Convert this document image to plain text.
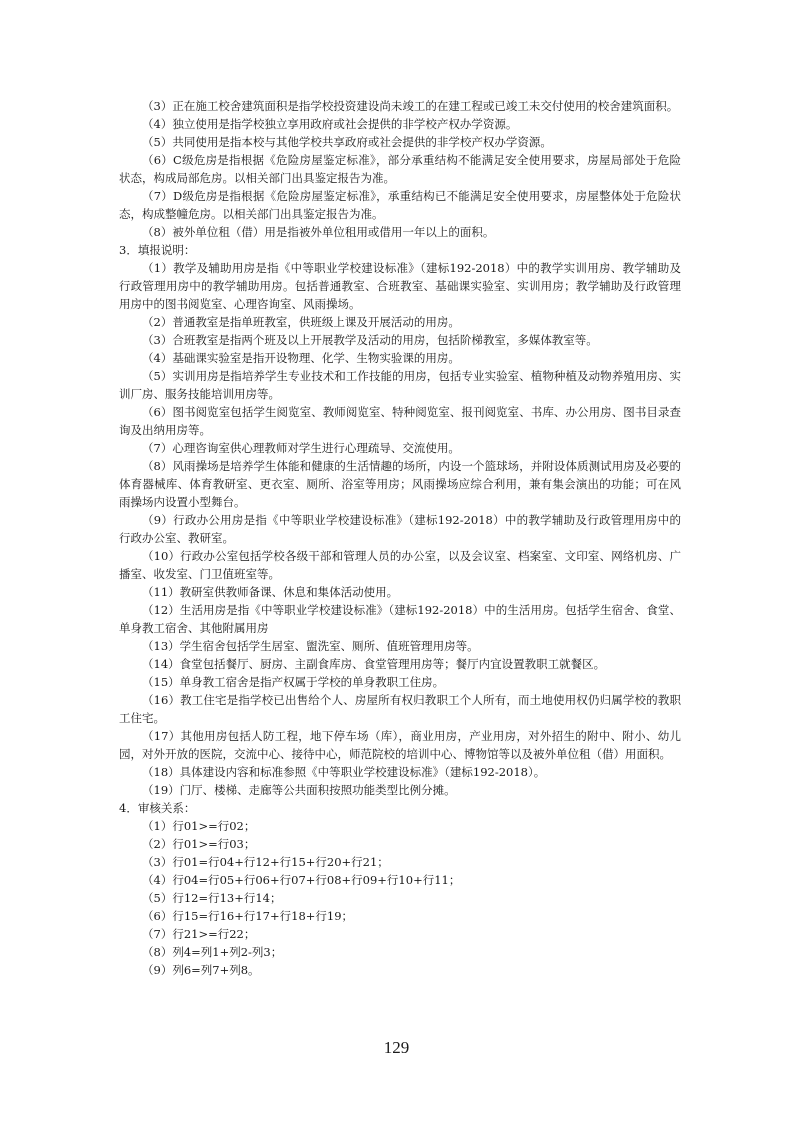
（3）正在施工校舍建筑面积是指学校投资建设尚未竣工的在建工程或已竣工未交付使用的校舍建筑面积。

（4）独立使用是指学校独立享用政府或社会提供的非学校产权办学资源。

（5）共同使用是指本校与其他学校共享政府或社会提供的非学校产权办学资源。

（6）C级危房是指根据《危险房屋鉴定标准》，部分承重结构不能满足安全使用要求，房屋局部处于危险状态，构成局部危房。以相关部门出具鉴定报告为准。

（7）D级危房是指根据《危险房屋鉴定标准》，承重结构已不能满足安全使用要求，房屋整体处于危险状态，构成整幢危房。以相关部门出具鉴定报告为准。

（8）被外单位租（借）用是指被外单位租用或借用一年以上的面积。

3．填报说明：

（1）教学及辅助用房是指《中等职业学校建设标准》（建标192-2018）中的教学实训用房、教学辅助及行政管理用房中的教学辅助用房。包括普通教室、合班教室、基础课实验室、实训用房；教学辅助及行政管理用房中的图书阅览室、心理咨询室、风雨操场。

（2）普通教室是指单班教室，供班级上课及开展活动的用房。

（3）合班教室是指两个班及以上开展教学及活动的用房，包括阶梯教室，多媒体教室等。

（4）基础课实验室是指开设物理、化学、生物实验课的用房。

（5）实训用房是指培养学生专业技术和工作技能的用房，包括专业实验室、植物种植及动物养殖用房、实训厂房、服务技能培训用房等。

（6）图书阅览室包括学生阅览室、教师阅览室、特种阅览室、报刊阅览室、书库、办公用房、图书目录查询及出纳用房等。

（7）心理咨询室供心理教师对学生进行心理疏导、交流使用。

（8）风雨操场是培养学生体能和健康的生活情趣的场所，内设一个篮球场，并附设体质测试用房及必要的体育器械库、体育教研室、更衣室、厕所、浴室等用房；风雨操场应综合利用，兼有集会演出的功能；可在风雨操场内设置小型舞台。

（9）行政办公用房是指《中等职业学校建设标准》（建标192-2018）中的教学辅助及行政管理用房中的行政办公室、教研室。

（10）行政办公室包括学校各级干部和管理人员的办公室，以及会议室、档案室、文印室、网络机房、广播室、收发室、门卫值班室等。

（11）教研室供教师备课、休息和集体活动使用。

（12）生活用房是指《中等职业学校建设标准》（建标192-2018）中的生活用房。包括学生宿舍、食堂、单身教工宿舍、其他附属用房

（13）学生宿舍包括学生居室、盥洗室、厕所、值班管理用房等。

（14）食堂包括餐厅、厨房、主副食库房、食堂管理用房等；餐厅内宜设置教职工就餐区。

（15）单身教工宿舍是指产权属于学校的单身教职工住房。

（16）教工住宅是指学校已出售给个人、房屋所有权归教职工个人所有，而土地使用权仍归属学校的教职工住宅。

（17）其他用房包括人防工程，地下停车场（库），商业用房，产业用房，对外招生的附中、附小、幼儿园，对外开放的医院，交流中心、接待中心，师范院校的培训中心、博物馆等以及被外单位租（借）用面积。

（18）具体建设内容和标准参照《中等职业学校建设标准》（建标192-2018）。

（19）门厅、楼梯、走廊等公共面积按照功能类型比例分摊。

4．审核关系：

（1）行01>=行02；

（2）行01>=行03；

（3）行01=行04+行12+行15+行20+行21；

（4）行04=行05+行06+行07+行08+行09+行10+行11；

（5）行12=行13+行14；

（6）行15=行16+行17+行18+行19；

（7）行21>=行22；

（8）列4=列1+列2-列3；

（9）列6=列7+列8。

129
